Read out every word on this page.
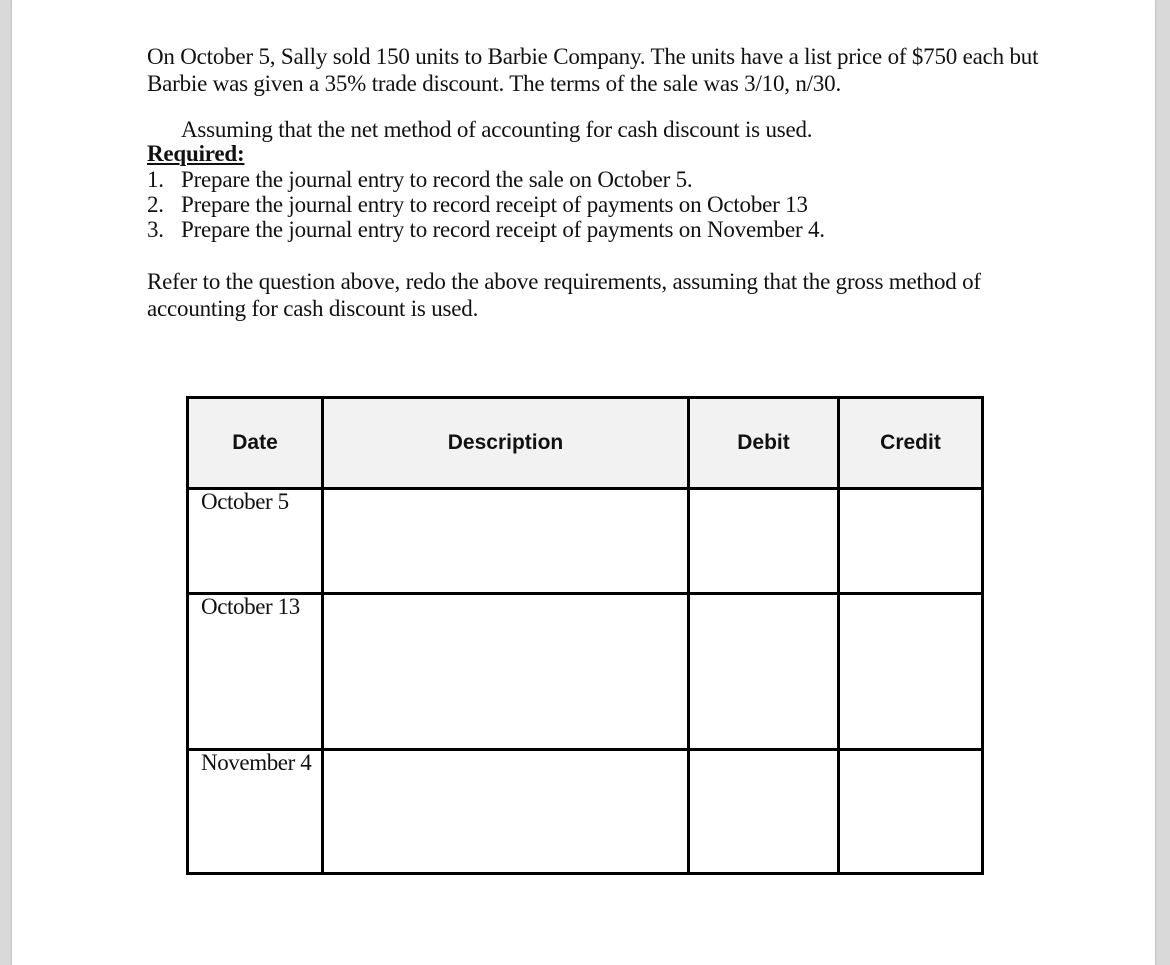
On October 5, Sally sold 150 units to Barbie Company. The units have a list price of $750 each but Barbie was given a 35% trade discount. The terms of the sale was 3/10, n/30.

Assuming that the net method of accounting for cash discount is used.

Required:

1. Prepare the journal entry to record the sale on October 5.
2. Prepare the journal entry to record receipt of payments on October 13
3. Prepare the journal entry to record receipt of payments on November 4.

Refer to the question above, redo the above requirements, assuming that the gross method of accounting for cash discount is used.

Date	Description	Debit	Credit
October 5			
October 13			
November 4			
